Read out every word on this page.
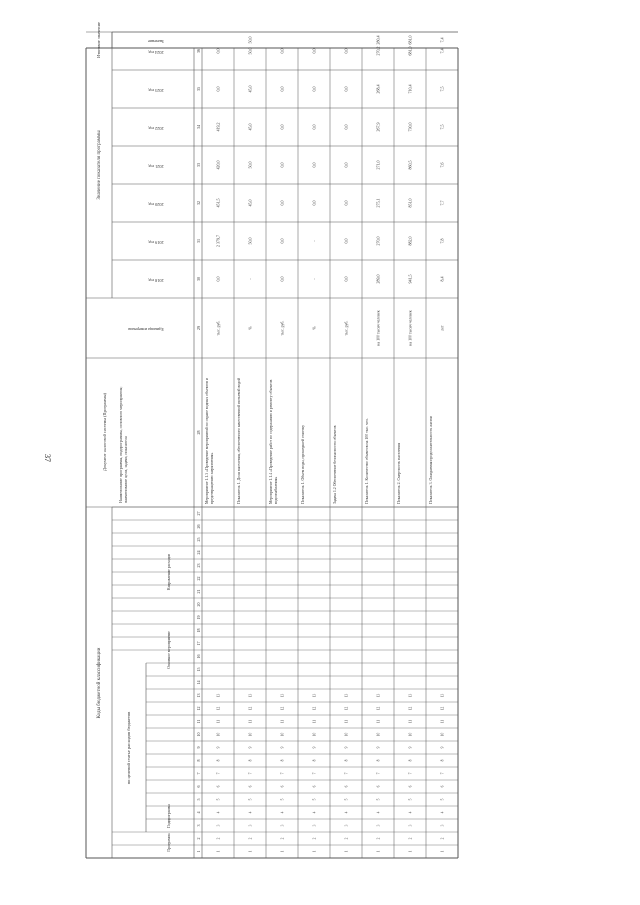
37
Коды бюджетной классификации
по целевой статье расходов бюджетов
Документ налоговой системы (Программы)	Наименование программы, подпрограммы, основного мероприятия;наименование цели, задачи, показателя
Единица измерения
Значение показателя программы
Итоговое значение	Значение
Программа
Подпрограмма
Основное мероприятие
Направление расходов
2018 год
2019 год
2020 год
2021 год
2022 год
2023 год
2024 год
1
2
3
4
5
6
7
8
9
10
11
12
13
14
15
16
17
18
19
20
21
22
23
24
25
26
27
28
29
30
31
32
33
34
35
36
1
2
3
4
5
6
7
8
9
10
11
12
13
Мероприятие 1.1.3 «Проведение мероприятий по охране водных объектов ипредотвращению загрязнения»
тыс. руб.
0,0
2 379,7
451,5
420,0
419,2
0,0
0,0
1
2
3
4
5
6
7
8
9
10
11
12
13
Показатель 1. Доля населения, обеспеченного качественной питьевой водой
%
-
50,0
45,0
50,0
45,0
45,0
50,0
50,0
1
2
3
4
5
6
7
8
9
10
11
12
13
Мероприятие 1.1.4 «Проведение работ по содержанию и ремонту объектовводоснабжения»
тыс. руб.
0,0
0,0
0,0
0,0
0,0
0,0
0,0
1
2
3
4
5
6
7
8
9
10
11
12
13
Показатель 1. Объем воды, прошедшей очистку
%
-
-
0,0
0,0
0,0
0,0
0,0
1
2
3
4
5
6
7
8
9
10
11
12
13
Задача 1.2 Обеспечение безопасности объектов
тыс. руб.
0,0
0,0
0,0
0,0
0,0
0,0
0,0
1
2
3
4
5
6
7
8
9
10
11
12
13
Показатель 1. Количество объектов на 100 тыс. чел.
на 100 тысяч человек
289,0
270,0
275,1
271,0
267,9
268,4
270,2
280,4
1
2
3
4
5
6
7
8
9
10
11
12
13
Показатель 2. Смертность населения
на 100 тысяч человек
941,5
882,0
851,0
860,5
730,0
710,4
681,0
681,0
1
2
3
4
5
6
7
8
9
10
11
12
13
Показатель 3. Ожидаемая продолжительность жизни
лет
8,4
7,8
7,7
7,6
7,5
7,5
7,4
7,4
